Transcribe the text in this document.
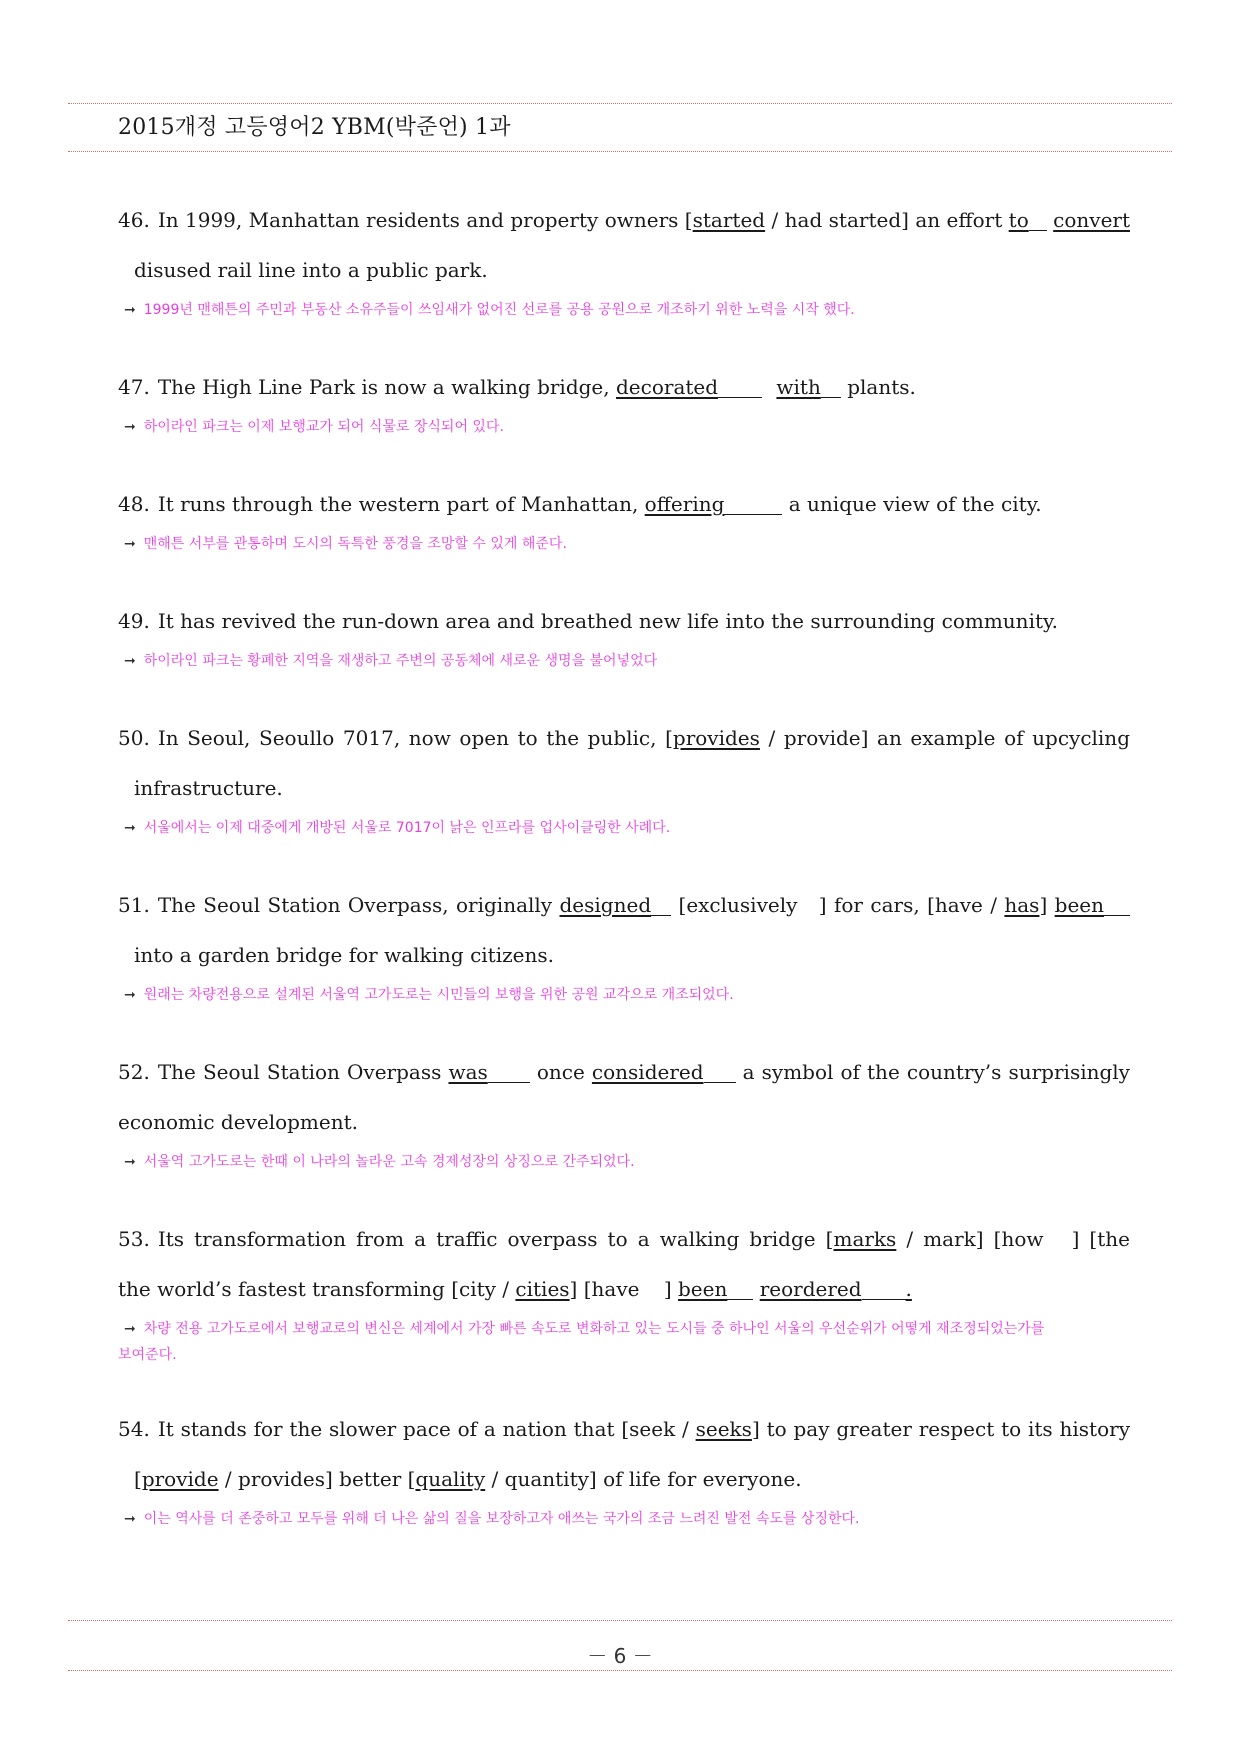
2015개정 고등영어2 YBM(박준언) 1과
46. In 1999, Manhattan residents and property owners [started / had started] an effort to convert
disused rail line into a public park.
➞ 1999년 맨해튼의 주민과 부동산 소유주들이 쓰임새가 없어진 선로를 공용 공원으로 개조하기 위한 노력을 시작 했다.
47. The High Line Park is now a walking bridge, decorated	with plants.
➞ 하이라인 파크는 이제 보행교가 되어 식물로 장식되어 있다.
48. It runs through the western part of Manhattan, offering	a unique view of the city.
➞ 맨해튼 서부를 관통하며 도시의 독특한 풍경을 조망할 수 있게 해준다.
49. It has revived the run-down area and breathed new life into the surrounding community.
➞ 하이라인 파크는 황폐한 지역을 재생하고 주변의 공동체에 새로운 생명을 불어넣었다
50. In Seoul, Seoullo 7017, now open to the public, [provides / provide] an example of upcycling
infrastructure.
➞ 서울에서는 이제 대중에게 개방된 서울로 7017이 낡은 인프라를 업사이클링한 사례다.
51. The Seoul Station Overpass, originally designed [exclusively ] for cars, [have / has] been
into a garden bridge for walking citizens.
➞ 원래는 차량전용으로 설계된 서울역 고가도로는 시민들의 보행을 위한 공원 교각으로 개조되었다.
52. The Seoul Station Overpass was once considered a symbol of the country’s surprisingly
economic development.
➞ 서울역 고가도로는 한때 이 나라의 놀라운 고속 경제성장의 상징으로 간주되었다.
53. Its transformation from a traffic overpass to a walking bridge [marks / mark] [how ] [the
the world’s fastest transforming [city / cities] [have ] been reordered .
➞ 차량 전용 고가도로에서 보행교로의 변신은 세계에서 가장 빠른 속도로 변화하고 있는 도시들 중 하나인 서울의 우선순위가 어떻게 재조정되었는가를
보여준다.
54. It stands for the slower pace of a nation that [seek / seeks] to pay greater respect to its history
[provide / provides] better [quality / quantity] of life for everyone.
➞ 이는 역사를 더 존중하고 모두를 위해 더 나은 삶의 질을 보장하고자 애쓰는 국가의 조금 느려진 발전 속도를 상징한다.
－ 6 －
